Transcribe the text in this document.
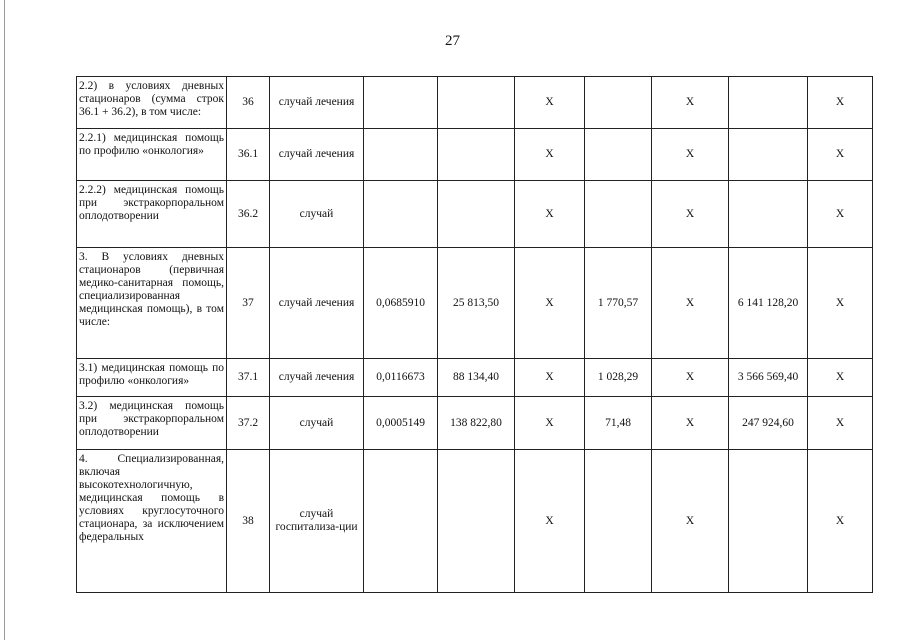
27
2.2) в условиях дневных стационаров (сумма строк 36.1 + 36.2), в том числе:	36	случай лечения			X		X		X
2.2.1) медицинская помощь по профилю «онкология»	36.1	случай лечения			X		X		X
2.2.2) медицинская помощь при экстракорпоральном оплодотворении	36.2	случай			X		X		X
3. В условиях дневных стационаров (первичная медико-санитарная помощь, специализированная медицинская помощь), в том числе:	37	случай лечения	0,0685910	25 813,50	X	1 770,57	X	6 141 128,20	X
3.1) медицинская помощь по профилю «онкология»	37.1	случай лечения	0,0116673	88 134,40	X	1 028,29	X	3 566 569,40	X
3.2) медицинская помощь при экстракорпоральном оплодотворении	37.2	случай	0,0005149	138 822,80	X	71,48	X	247 924,60	X
4. Специализированная, включая высокотехнологичную, медицинская помощь в условиях круглосуточного стационара, за исключением федеральных	38	случай госпитализа-ции			X		X		X
